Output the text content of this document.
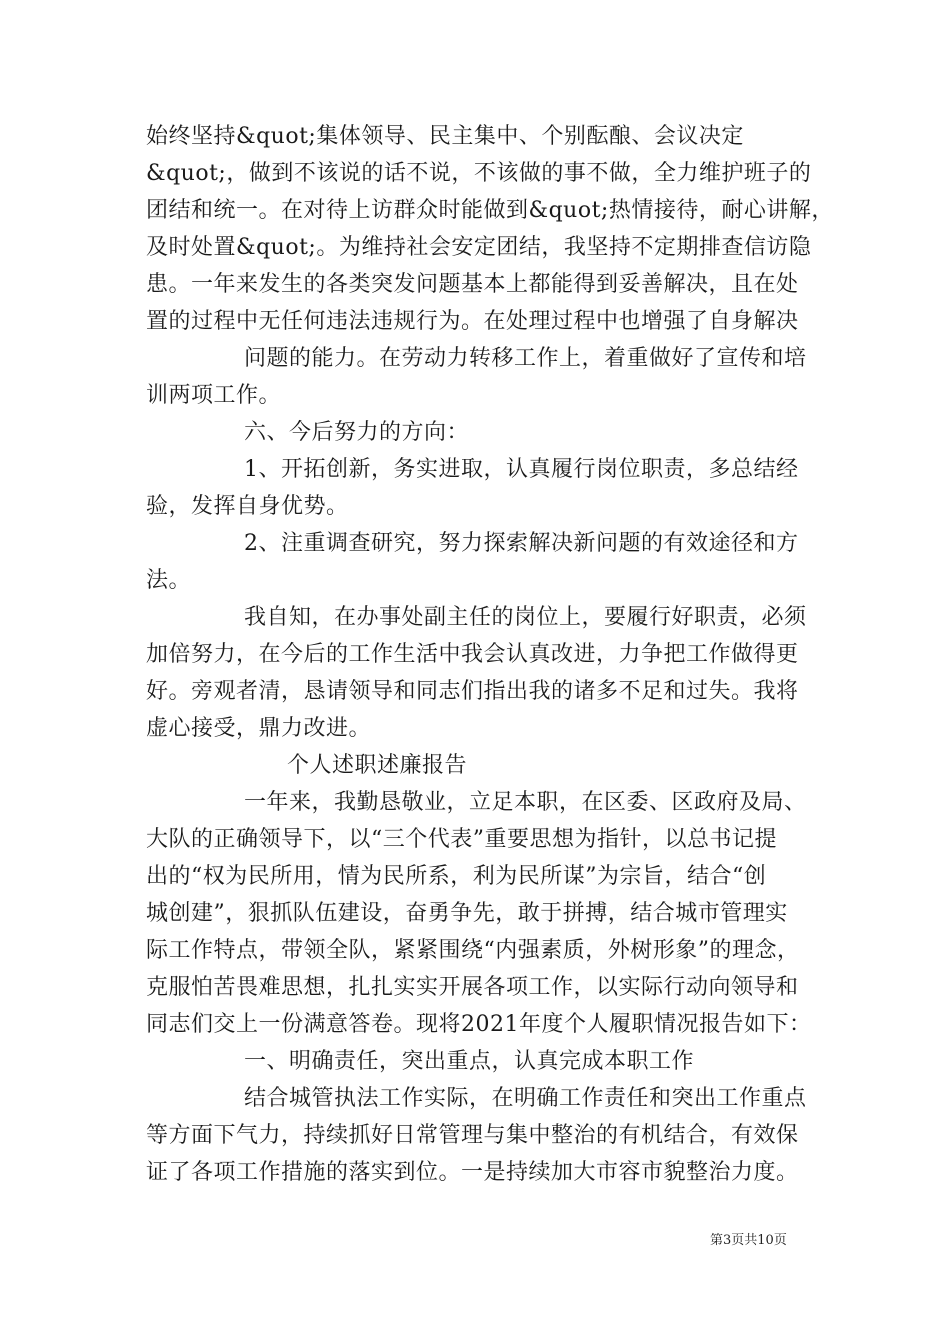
始终坚持&quot;集体领导、民主集中、个别酝酿、会议决定
&quot;，做到不该说的话不说，不该做的事不做，全力维护班子的
团结和统一。在对待上访群众时能做到&quot;热情接待，耐心讲解，
及时处置&quot;。为维持社会安定团结，我坚持不定期排查信访隐
患。一年来发生的各类突发问题基本上都能得到妥善解决，且在处
置的过程中无任何违法违规行为。在处理过程中也增强了自身解决
问题的能力。在劳动力转移工作上，着重做好了宣传和培
训两项工作。
六、今后努力的方向：
1、开拓创新，务实进取，认真履行岗位职责，多总结经
验，发挥自身优势。
2、注重调查研究，努力探索解决新问题的有效途径和方
法。
我自知，在办事处副主任的岗位上，要履行好职责，必须
加倍努力，在今后的工作生活中我会认真改进，力争把工作做得更
好。旁观者清，恳请领导和同志们指出我的诸多不足和过失。我将
虚心接受，鼎力改进。
个人述职述廉报告
一年来，我勤恳敬业，立足本职，在区委、区政府及局、
大队的正确领导下，以“三个代表”重要思想为指针，以总书记提
出的“权为民所用，情为民所系，利为民所谋”为宗旨，结合“创
城创建”，狠抓队伍建设，奋勇争先，敢于拼搏，结合城市管理实
际工作特点，带领全队，紧紧围绕“内强素质，外树形象”的理念，
克服怕苦畏难思想，扎扎实实开展各项工作，以实际行动向领导和
同志们交上一份满意答卷。现将2021年度个人履职情况报告如下：
一、明确责任，突出重点，认真完成本职工作
结合城管执法工作实际，在明确工作责任和突出工作重点
等方面下气力，持续抓好日常管理与集中整治的有机结合，有效保
证了各项工作措施的落实到位。一是持续加大市容市貌整治力度。
第3页共10页
